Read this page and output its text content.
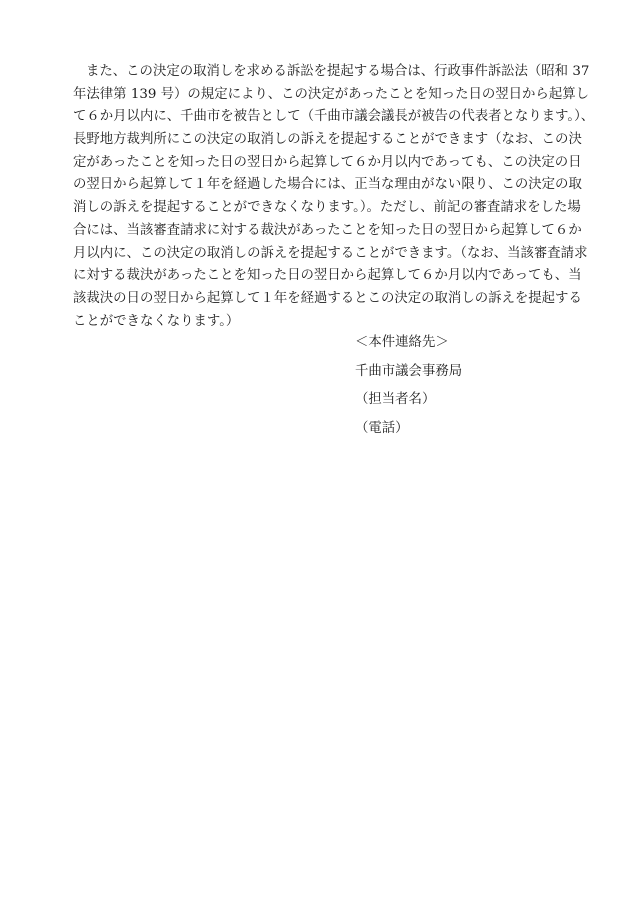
また、この決定の取消しを求める訴訟を提起する場合は、行政事件訴訟法（昭和 37
年法律第 139 号）の規定により、この決定があったことを知った日の翌日から起算し
て６か月以内に、千曲市を被告として（千曲市議会議長が被告の代表者となります。）、
長野地方裁判所にこの決定の取消しの訴えを提起することができます（なお、この決
定があったことを知った日の翌日から起算して６か月以内であっても、この決定の日
の翌日から起算して１年を経過した場合には、正当な理由がない限り、この決定の取
消しの訴えを提起することができなくなります。）。ただし、前記の審査請求をした場
合には、当該審査請求に対する裁決があったことを知った日の翌日から起算して６か
月以内に、この決定の取消しの訴えを提起することができます。（なお、当該審査請求
に対する裁決があったことを知った日の翌日から起算して６か月以内であっても、当
該裁決の日の翌日から起算して１年を経過するとこの決定の取消しの訴えを提起する
ことができなくなります。）

＜本件連絡先＞
千曲市議会事務局
（担当者名）
（電話）
